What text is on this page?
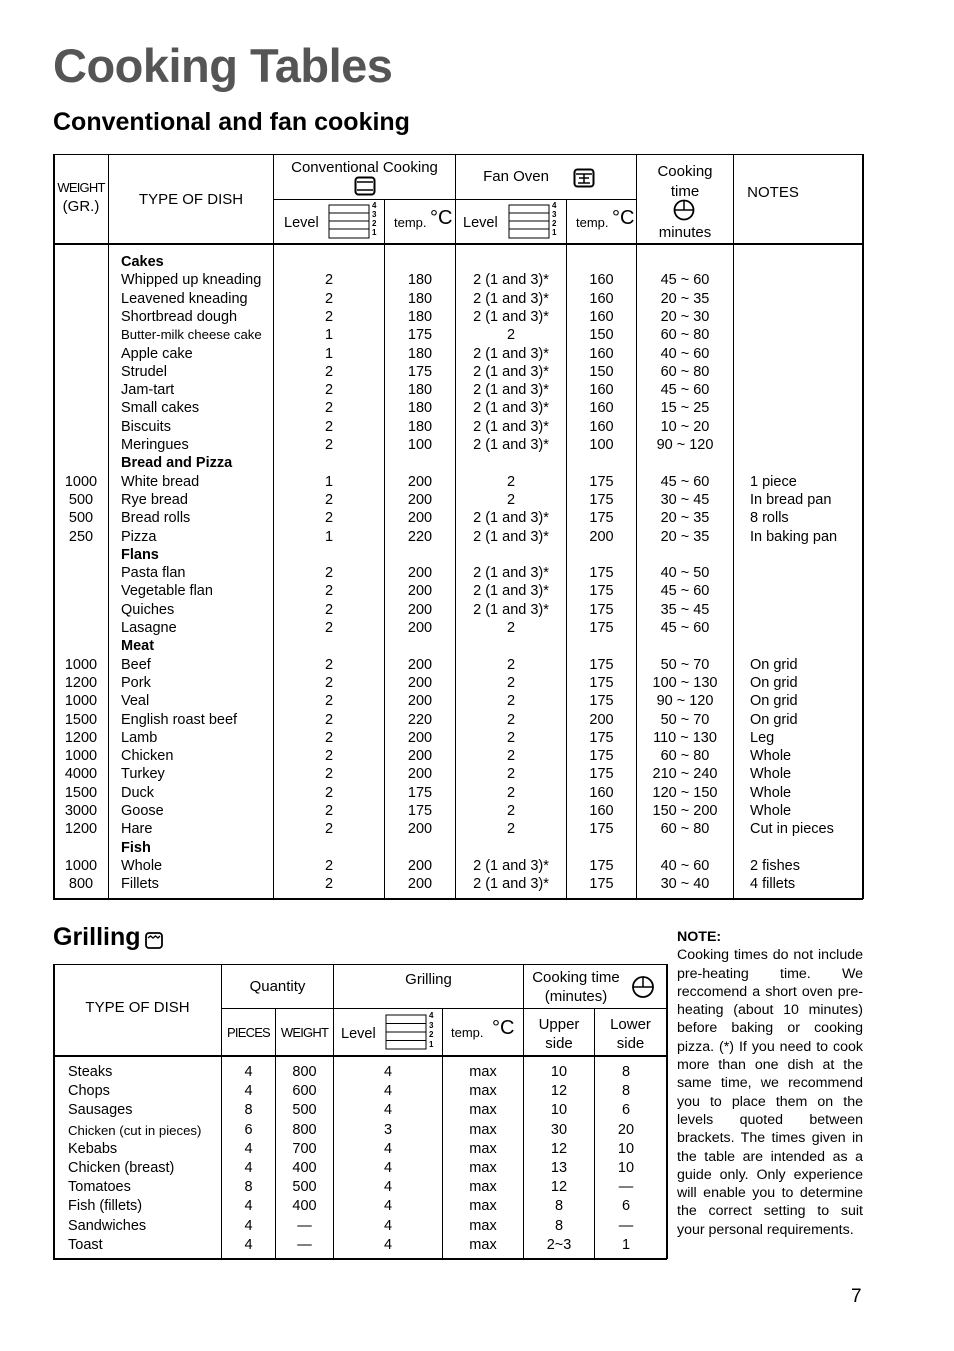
Cooking Tables
Conventional and fan cooking
WEIGHT
(GR.)	TYPE OF DISH
Conventional Cooking
Fan Oven	Cooking
time
minutes
NOTES
Level
4
3
2
1
temp. °C Level
4
3
2
1
temp. °C
Cakes
Whipped up kneading	2	180	2 (1 and 3)*	160	45 ~ 60
Leavened kneading	2	180	2 (1 and 3)*	160	20 ~ 35
Shortbread dough	2	180	2 (1 and 3)*	160	20 ~ 30
Butter-milk cheese cake	1	175	2	150	60 ~ 80
Apple cake	1	180	2 (1 and 3)*	160	40 ~ 60
Strudel	2	175	2 (1 and 3)*	150	60 ~ 80
Jam-tart	2	180	2 (1 and 3)*	160	45 ~ 60
Small cakes	2	180	2 (1 and 3)*	160	15 ~ 25
Biscuits	2	180	2 (1 and 3)*	160	10 ~ 20
Meringues	2	100	2 (1 and 3)*	100	90 ~ 120
Bread and Pizza
1000	White bread	1	200	2	175	45 ~ 60	1 piece
500	Rye bread	2	200	2	175	30 ~ 45	In bread pan
500	Bread rolls	2	200	2 (1 and 3)*	175	20 ~ 35	8 rolls
250	Pizza	1	220	2 (1 and 3)*	200	20 ~ 35	In baking pan
Flans
Pasta flan	2	200	2 (1 and 3)*	175	40 ~ 50
Vegetable flan	2	200	2 (1 and 3)*	175	45 ~ 60
Quiches	2	200	2 (1 and 3)*	175	35 ~ 45
Lasagne	2	200	2	175	45 ~ 60
Meat
1000	Beef	2	200	2	175	50 ~ 70	On grid
1200	Pork	2	200	2	175	100 ~ 130	On grid
1000	Veal	2	200	2	175	90 ~ 120	On grid
1500	English roast beef	2	220	2	200	50 ~ 70	On grid
1200	Lamb	2	200	2	175	110 ~ 130	Leg
1000	Chicken	2	200	2	175	60 ~ 80	Whole
4000	Turkey	2	200	2	175	210 ~ 240	Whole
1500	Duck	2	175	2	160	120 ~ 150	Whole
3000	Goose	2	175	2	160	150 ~ 200	Whole
1200	Hare	2	200	2	175	60 ~ 80	Cut in pieces
Fish
1000	Whole	2	200	2 (1 and 3)*	175	40 ~ 60	2 fishes
800	Fillets	2	200	2 (1 and 3)*	175	30 ~ 40	4 fillets
Grilling
TYPE OF DISH
Quantity	Grilling	Cooking time
(minutes)
PIECES WEIGHT Level
4
3
2
1
temp. °C	Upper
side
Lower
side
Steaks	4	800	4	max	10	8
Chops	4	600	4	max	12	8
Sausages	8	500	4	max	10	6
Chicken (cut in pieces)	6	800	3	max	30	20
Kebabs	4	700	4	max	12	10
Chicken (breast)	4	400	4	max	13	10
Tomatoes	8	500	4	max	12	—
Fish (fillets)	4	400	4	max	8	6
Sandwiches	4	—	4	max	8	—
Toast	4	—	4	max	2~3	1
NOTE:
Cooking times do not include pre-heating time. We reccomend a short oven pre-heating (about 10 minutes) before baking or cooking pizza. (*) If you need to cook more than one dish at the same time, we recommend you to place them on the levels quoted between brackets. The times given in the table are intended as a guide only. Only experience will enable you to determine the correct setting to suit your personal requirements.
7
